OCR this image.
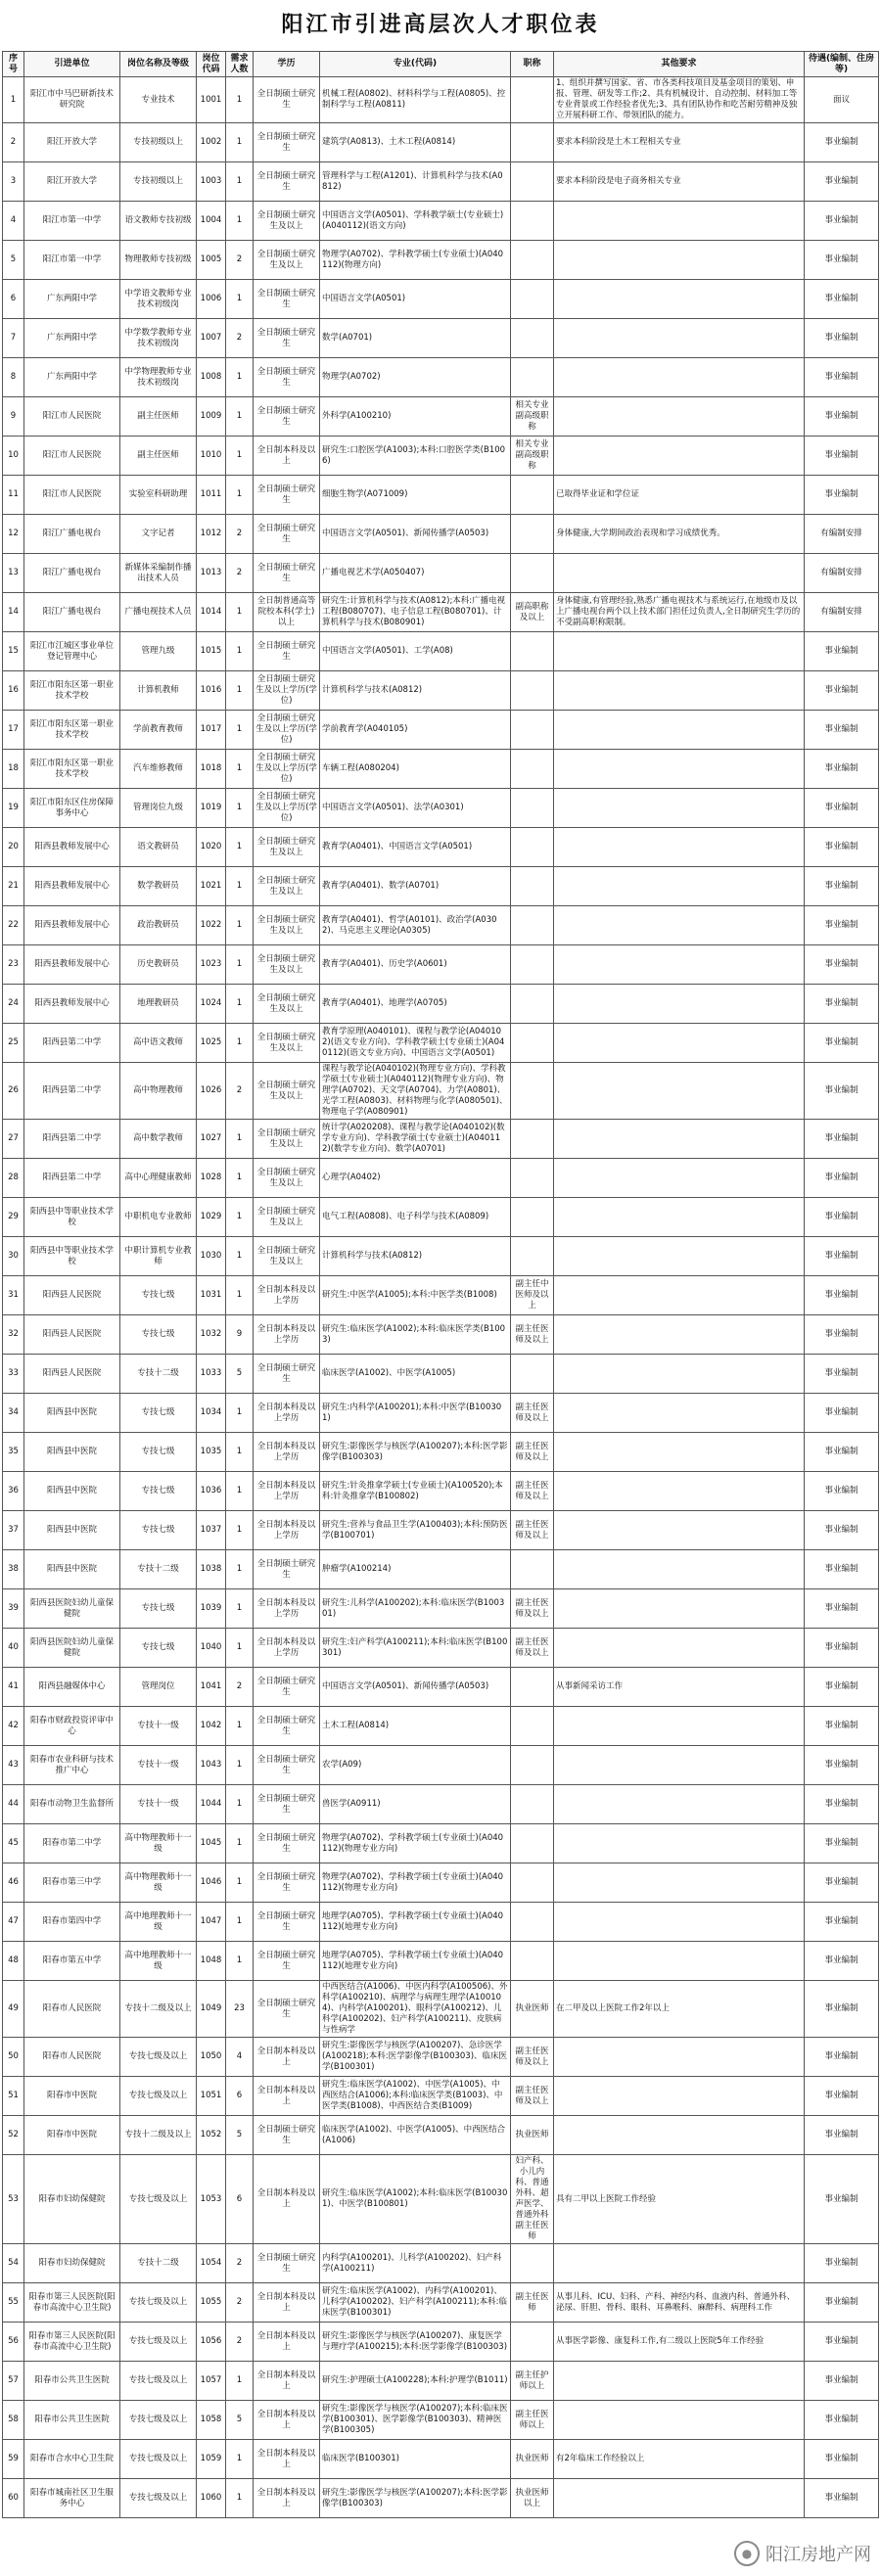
阳江市引进高层次人才职位表
序号	引进单位	岗位名称及等级	岗位代码	需求人数	学历	专业(代码)	职称	其他要求	待遇(编制、住房等)
1	阳江市中马巴研新技术研究院	专业技术	1001	1	全日制硕士研究生	机械工程(A0802)、材料科学与工程(A0805)、控制科学与工程(A0811)		1、组织并撰写国家、省、市各类科技项目及基金项目的策划、申报、管理、研发等工作;2、具有机械设计、自动控制、材料加工等专业背景或工作经验者优先;3、具有团队协作和吃苦耐劳精神及独立开展科研工作、带领团队的能力。	面议
2	阳江开放大学	专技初级以上	1002	1	全日制硕士研究生	建筑学(A0813)、土木工程(A0814)		要求本科阶段是土木工程相关专业	事业编制
3	阳江开放大学	专技初级以上	1003	1	全日制硕士研究生	管理科学与工程(A1201)、计算机科学与技术(A0812)		要求本科阶段是电子商务相关专业	事业编制
4	阳江市第一中学	语文教师专技初级	1004	1	全日制硕士研究生及以上	中国语言文学(A0501)、学科教学硕士(专业硕士)(A040112)(语文方向)			事业编制
5	阳江市第一中学	物理教师专技初级	1005	2	全日制硕士研究生及以上	物理学(A0702)、学科教学硕士(专业硕士)(A040112)(物理方向)			事业编制
6	广东两阳中学	中学语文教师专业技术初级岗	1006	1	全日制硕士研究生	中国语言文学(A0501)			事业编制
7	广东两阳中学	中学数学教师专业技术初级岗	1007	2	全日制硕士研究生	数学(A0701)			事业编制
8	广东两阳中学	中学物理教师专业技术初级岗	1008	1	全日制硕士研究生	物理学(A0702)			事业编制
9	阳江市人民医院	副主任医师	1009	1	全日制硕士研究生	外科学(A100210)	相关专业副高级职称		事业编制
10	阳江市人民医院	副主任医师	1010	1	全日制本科及以上	研究生:口腔医学(A1003);本科:口腔医学类(B1006)	相关专业副高级职称		事业编制
11	阳江市人民医院	实验室科研助理	1011	1	全日制硕士研究生	细胞生物学(A071009)		已取得毕业证和学位证	事业编制
12	阳江广播电视台	文字记者	1012	2	全日制硕士研究生	中国语言文学(A0501)、新闻传播学(A0503)		身体健康,大学期间政治表现和学习成绩优秀。	有编制安排
13	阳江广播电视台	新媒体采编制作播出技术人员	1013	2	全日制硕士研究生	广播电视艺术学(A050407)			有编制安排
14	阳江广播电视台	广播电视技术人员	1014	1	全日制普通高等院校本科(学士)以上	研究生:计算机科学与技术(A0812);本科:广播电视工程(B080707)、电子信息工程(B080701)、计算机科学与技术(B080901)	副高职称及以上	身体健康,有管理经验,熟悉广播电视技术与系统运行,在地级市及以上广播电视台两个以上技术部门担任过负责人,全日制研究生学历的不受副高职称限制。	有编制安排
15	阳江市江城区事业单位登记管理中心	管理九级	1015	1	全日制硕士研究生	中国语言文学(A0501)、工学(A08)			事业编制
16	阳江市阳东区第一职业技术学校	计算机教师	1016	1	全日制硕士研究生及以上学历(学位)	计算机科学与技术(A0812)			事业编制
17	阳江市阳东区第一职业技术学校	学前教育教师	1017	1	全日制硕士研究生及以上学历(学位)	学前教育学(A040105)			事业编制
18	阳江市阳东区第一职业技术学校	汽车维修教师	1018	1	全日制硕士研究生及以上学历(学位)	车辆工程(A080204)			事业编制
19	阳江市阳东区住房保障事务中心	管理岗位九级	1019	1	全日制硕士研究生及以上学历(学位)	中国语言文学(A0501)、法学(A0301)			事业编制
20	阳西县教师发展中心	语文教研员	1020	1	全日制硕士研究生及以上	教育学(A0401)、中国语言文学(A0501)			事业编制
21	阳西县教师发展中心	数学教研员	1021	1	全日制硕士研究生及以上	教育学(A0401)、数学(A0701)			事业编制
22	阳西县教师发展中心	政治教研员	1022	1	全日制硕士研究生及以上	教育学(A0401)、哲学(A0101)、政治学(A0302)、马克思主义理论(A0305)			事业编制
23	阳西县教师发展中心	历史教研员	1023	1	全日制硕士研究生及以上	教育学(A0401)、历史学(A0601)			事业编制
24	阳西县教师发展中心	地理教研员	1024	1	全日制硕士研究生及以上	教育学(A0401)、地理学(A0705)			事业编制
25	阳西县第二中学	高中语文教师	1025	1	全日制硕士研究生及以上	教育学原理(A040101)、课程与教学论(A040102)(语文专业方向)、学科教学硕士(专业硕士)(A040112)(语文专业方向)、中国语言文学(A0501)			事业编制
26	阳西县第二中学	高中物理教师	1026	2	全日制硕士研究生及以上	课程与教学论(A040102)(物理专业方向)、学科教学硕士(专业硕士)(A040112)(物理专业方向)、物理学(A0702)、天文学(A0704)、力学(A0801)、光学工程(A0803)、材料物理与化学(A080501)、物理电子学(A080901)			事业编制
27	阳西县第二中学	高中数学教师	1027	1	全日制硕士研究生及以上	统计学(A020208)、课程与教学论(A040102)(数学专业方向)、学科教学硕士(专业硕士)(A040112)(数学专业方向)、数学(A0701)			事业编制
28	阳西县第二中学	高中心理健康教师	1028	1	全日制硕士研究生及以上	心理学(A0402)			事业编制
29	阳西县中等职业技术学校	中职机电专业教师	1029	1	全日制硕士研究生及以上	电气工程(A0808)、电子科学与技术(A0809)			事业编制
30	阳西县中等职业技术学校	中职计算机专业教师	1030	1	全日制硕士研究生及以上	计算机科学与技术(A0812)			事业编制
31	阳西县人民医院	专技七级	1031	1	全日制本科及以上学历	研究生:中医学(A1005);本科:中医学类(B1008)	副主任中医师及以上		事业编制
32	阳西县人民医院	专技七级	1032	9	全日制本科及以上学历	研究生:临床医学(A1002);本科:临床医学类(B1003)	副主任医师及以上		事业编制
33	阳西县人民医院	专技十二级	1033	5	全日制硕士研究生	临床医学(A1002)、中医学(A1005)			事业编制
34	阳西县中医院	专技七级	1034	1	全日制本科及以上学历	研究生:内科学(A100201);本科:中医学(B100301)	副主任医师及以上		事业编制
35	阳西县中医院	专技七级	1035	1	全日制本科及以上学历	研究生:影像医学与核医学(A100207);本科:医学影像学(B100303)	副主任医师及以上		事业编制
36	阳西县中医院	专技七级	1036	1	全日制本科及以上学历	研究生:针灸推拿学硕士(专业硕士)(A100520);本科:针灸推拿学(B100802)	副主任医师及以上		事业编制
37	阳西县中医院	专技七级	1037	1	全日制本科及以上学历	研究生:营养与食品卫生学(A100403);本科:预防医学(B100701)	副主任医师及以上		事业编制
38	阳西县中医院	专技十二级	1038	1	全日制硕士研究生	肿瘤学(A100214)			事业编制
39	阳西县医院妇幼儿童保健院	专技七级	1039	1	全日制本科及以上学历	研究生:儿科学(A100202);本科:临床医学(B100301)	副主任医师及以上		事业编制
40	阳西县医院妇幼儿童保健院	专技七级	1040	1	全日制本科及以上学历	研究生:妇产科学(A100211);本科:临床医学(B100301)	副主任医师及以上		事业编制
41	阳西县融媒体中心	管理岗位	1041	2	全日制硕士研究生	中国语言文学(A0501)、新闻传播学(A0503)		从事新闻采访工作	事业编制
42	阳春市财政投资评审中心	专技十一级	1042	1	全日制硕士研究生	土木工程(A0814)			事业编制
43	阳春市农业科研与技术推广中心	专技十一级	1043	1	全日制硕士研究生	农学(A09)			事业编制
44	阳春市动物卫生监督所	专技十一级	1044	1	全日制硕士研究生	兽医学(A0911)			事业编制
45	阳春市第二中学	高中物理教师十一级	1045	1	全日制硕士研究生	物理学(A0702)、学科教学硕士(专业硕士)(A040112)(物理专业方向)			事业编制
46	阳春市第三中学	高中物理教师十一级	1046	1	全日制硕士研究生	物理学(A0702)、学科教学硕士(专业硕士)(A040112)(物理专业方向)			事业编制
47	阳春市第四中学	高中地理教师十一级	1047	1	全日制硕士研究生	地理学(A0705)、学科教学硕士(专业硕士)(A040112)(地理专业方向)			事业编制
48	阳春市第五中学	高中地理教师十一级	1048	1	全日制硕士研究生	地理学(A0705)、学科教学硕士(专业硕士)(A040112)(地理专业方向)			事业编制
49	阳春市人民医院	专技十二级及以上	1049	23	全日制硕士研究生	中西医结合(A1006)、中医内科学(A100506)、外科学(A100210)、病理学与病理生理学(A100104)、内科学(A100201)、眼科学(A100212)、儿科学(A100202)、妇产科学(A100211)、皮肤病与性病学	执业医师	在二甲及以上医院工作2年以上	事业编制
50	阳春市人民医院	专技七级及以上	1050	4	全日制本科及以上	研究生:影像医学与核医学(A100207)、急诊医学(A100218);本科:医学影像学(B100303)、临床医学(B100301)	副主任医师及以上		事业编制
51	阳春市中医院	专技七级及以上	1051	6	全日制本科及以上	研究生:临床医学(A1002)、中医学(A1005)、中西医结合(A1006);本科:临床医学类(B1003)、中医学类(B1008)、中西医结合类(B1009)	副主任医师及以上		事业编制
52	阳春市中医院	专技十二级及以上	1052	5	全日制硕士研究生	临床医学(A1002)、中医学(A1005)、中西医结合(A1006)	执业医师		事业编制
53	阳春市妇幼保健院	专技七级及以上	1053	6	全日制本科及以上	研究生:临床医学(A1002);本科:临床医学(B100301)、中医学(B100801)	妇产科、小儿内科、普通外科、超声医学、普通外科副主任医师	具有二甲以上医院工作经验	事业编制
54	阳春市妇幼保健院	专技十二级	1054	2	全日制硕士研究生	内科学(A100201)、儿科学(A100202)、妇产科学(A100211)			事业编制
55	阳春市第三人民医院(阳春市高流中心卫生院)	专技七级及以上	1055	2	全日制本科及以上	研究生:临床医学(A1002)、内科学(A100201)、儿科学(A100202)、妇产科学(A100211);本科:临床医学(B100301)	副主任医师	从事儿科、ICU、妇科、产科、神经内科、血液内科、普通外科、泌尿、肝胆、骨科、眼科、耳鼻喉科、麻醉科、病理科工作	事业编制
56	阳春市第三人民医院(阳春市高流中心卫生院)	专技七级及以上	1056	2	全日制本科及以上	研究生:影像医学与核医学(A100207)、康复医学与理疗学(A100215);本科:医学影像学(B100303)		从事医学影像、康复科工作,有二级以上医院5年工作经验	事业编制
57	阳春市公共卫生医院	专技七级及以上	1057	1	全日制本科及以上	研究生:护理硕士(A100228);本科:护理学(B1011)	副主任护师以上		事业编制
58	阳春市公共卫生医院	专技七级及以上	1058	5	全日制本科及以上	研究生:影像医学与核医学(A100207);本科:临床医学(B100301)、医学影像学(B100303)、精神医学(B100305)	副主任医师以上		事业编制
59	阳春市合水中心卫生院	专技七级及以上	1059	1	全日制本科及以上	临床医学(B100301)	执业医师	有2年临床工作经验以上	事业编制
60	阳春市城南社区卫生服务中心	专技七级及以上	1060	1	全日制本科及以上	研究生:影像医学与核医学(A100207);本科:医学影像学(B100303)	执业医师以上		事业编制
● 阳江房地产网
